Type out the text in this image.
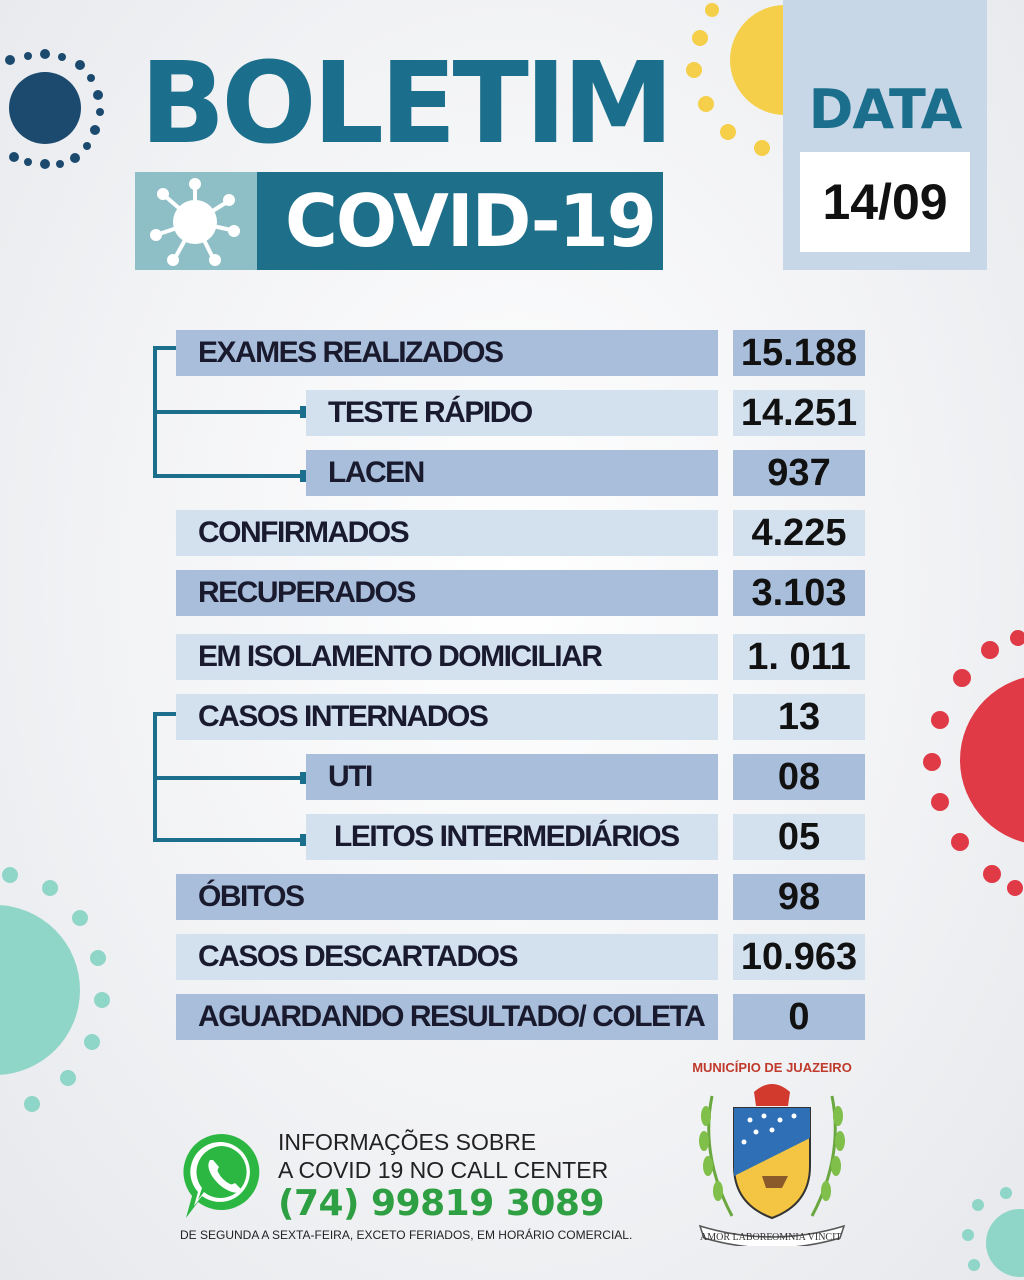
BOLETIM
COVID-19
DATA
14/09
EXAMES REALIZADOS	15.188
TESTE RÁPIDO	14.251
LACEN	937
CONFIRMADOS	4.225
RECUPERADOS	3.103
EM ISOLAMENTO DOMICILIAR	1. 011
CASOS INTERNADOS	13
UTI	08
LEITOS INTERMEDIÁRIOS	05
ÓBITOS	98
CASOS DESCARTADOS	10.963
AGUARDANDO RESULTADO/ COLETA	0
INFORMAÇÕES SOBRE
A COVID 19 NO CALL CENTER
(74) 99819 3089
DE SEGUNDA A SEXTA-FEIRA, EXCETO FERIADOS, EM HORÁRIO COMERCIAL.
MUNICÍPIO DE JUAZEIRO
AMOR LABORE OMNIA VINCIT
